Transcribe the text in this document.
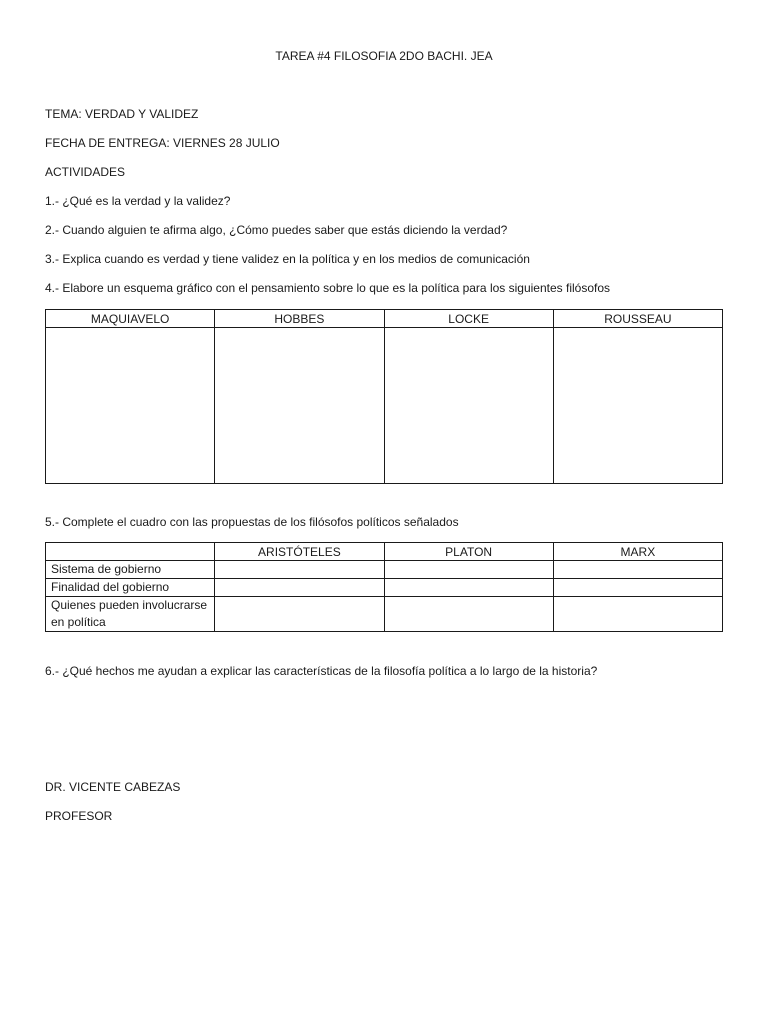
TAREA #4 FILOSOFIA 2DO BACHI. JEA
TEMA: VERDAD Y VALIDEZ
FECHA DE ENTREGA: VIERNES 28 JULIO
ACTIVIDADES
1.- ¿Qué es la verdad y la validez?
2.- Cuando alguien te afirma algo, ¿Cómo puedes saber que estás diciendo la verdad?
3.- Explica cuando es verdad y tiene validez en la política y en los medios de comunicación
4.- Elabore un esquema gráfico con el pensamiento sobre lo que es la política para los siguientes filósofos
MAQUIAVELO	HOBBES	LOCKE	ROUSSEAU

5.- Complete el cuadro con las propuestas de los filósofos políticos señalados
	ARISTÓTELES	PLATON	MARX
Sistema de gobierno			
Finalidad del gobierno			
Quienes pueden involucrarse en política			
6.- ¿Qué hechos me ayudan a explicar las características de la filosofía política a lo largo de la historia?
DR. VICENTE CABEZAS
PROFESOR
